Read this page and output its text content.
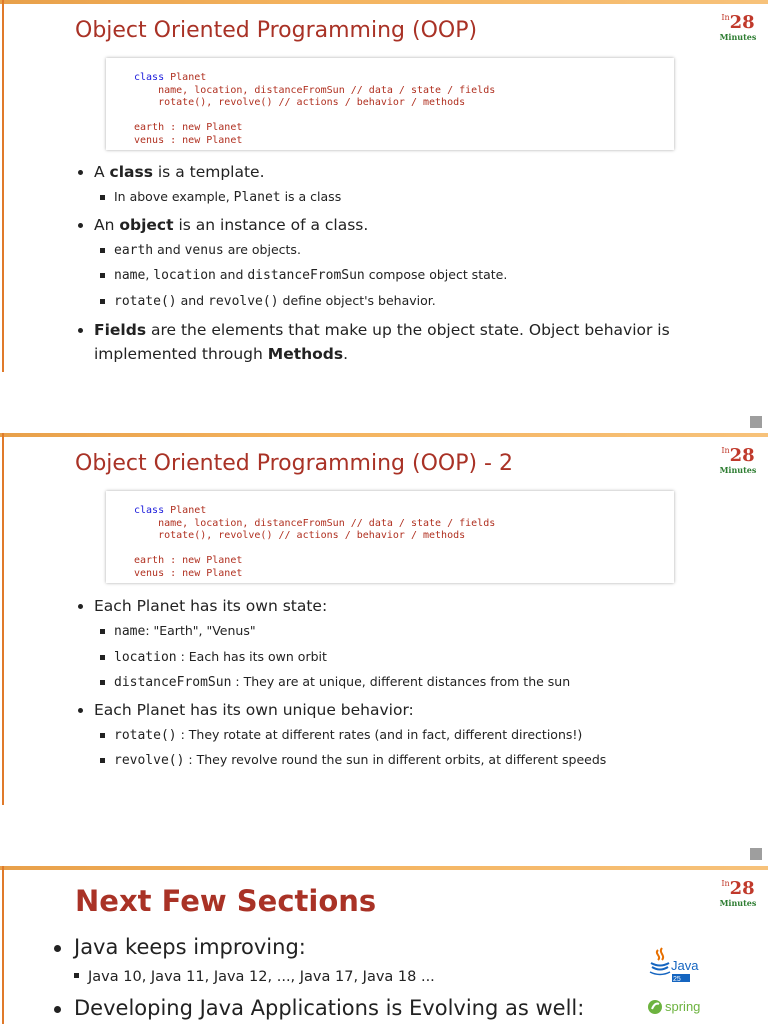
Object Oriented Programming (OOP)
$^{In}$28
Minutes
class Planet
name, location, distanceFromSun // data / state / fields
rotate(), revolve() // actions / behavior / methods

earth : new Planet
venus : new Planet
A class is a template.
In above example, Planet is a class
An object is an instance of a class.
earth and venus are objects.
name, location and distanceFromSun compose object state.
rotate() and revolve() define object's behavior.
Fields are the elements that make up the object state. Object behavior is implemented through Methods.
Object Oriented Programming (OOP) - 2
$^{In}$28
Minutes
class Planet
name, location, distanceFromSun // data / state / fields
rotate(), revolve() // actions / behavior / methods

earth : new Planet
venus : new Planet
Each Planet has its own state:
name: "Earth", "Venus"
location : Each has its own orbit
distanceFromSun : They are at unique, different distances from the sun
Each Planet has its own unique behavior:
rotate() : They rotate at different rates (and in fact, different directions!)
revolve() : They revolve round the sun in different orbits, at different speeds
Next Few Sections
$^{In}$28
Minutes
Java keeps improving:
Java 10, Java 11, Java 12, ..., Java 17, Java 18 ...
Developing Java Applications is Evolving as well:
Java
25
spring
